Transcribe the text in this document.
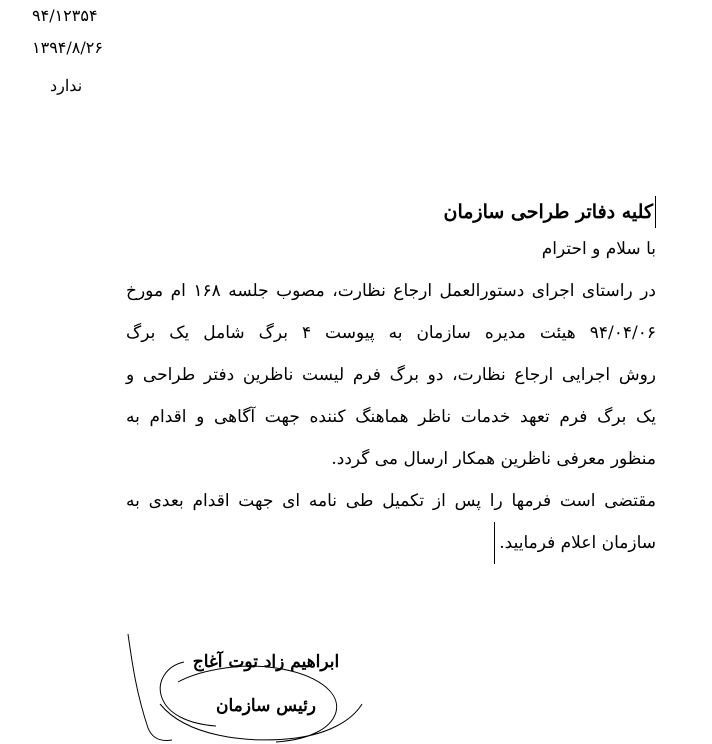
۹۴/۱۲۳۵۴
۱۳۹۴/۸/۲۶
ندارد

کلیه دفاتر طراحی سازمان

با سلام و احترام

در راستای اجرای دستورالعمل ارجاع نظارت، مصوب جلسه ۱۶۸ ام مورخ

۹۴/۰۴/۰۶ هیئت مدیره سازمان به پیوست ۴ برگ شامل یک برگ

روش اجرایی ارجاع نظارت، دو برگ فرم لیست ناظرین دفتر طراحی و

یک برگ فرم تعهد خدمات ناظر هماهنگ کننده جهت آگاهی و اقدام به

منظور معرفی ناظرین همکار ارسال می گردد.

مقتضی است فرمها را پس از تکمیل طی نامه ای جهت اقدام بعدی به

سازمان اعلام فرمایید.

ابراهیم زاد توت آغاج
رئیس سازمان
